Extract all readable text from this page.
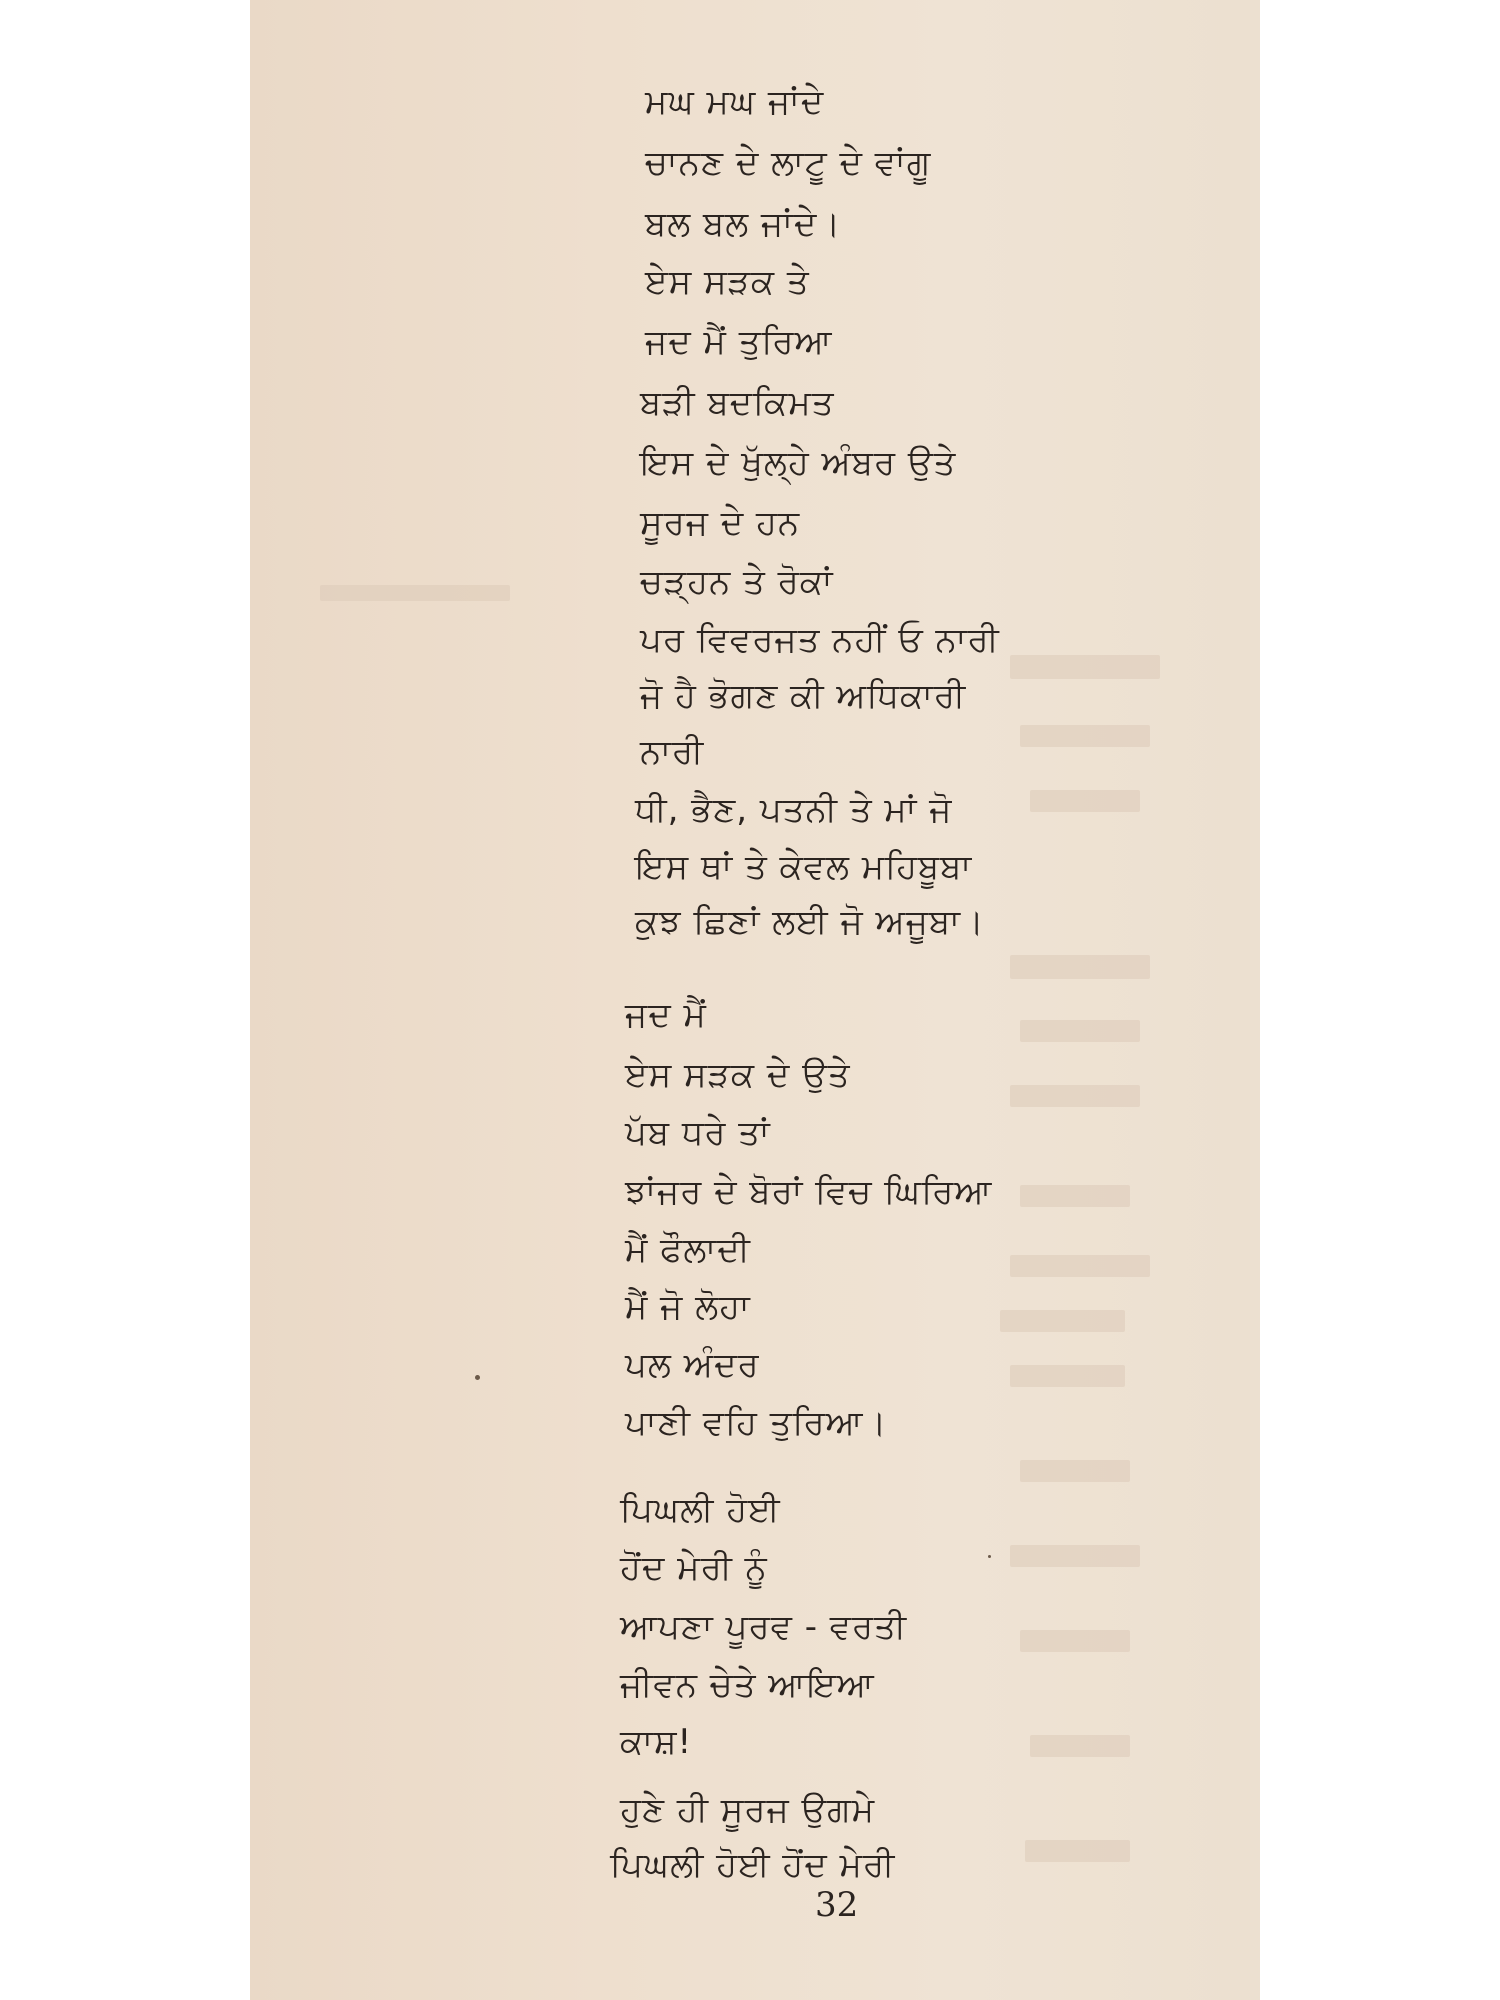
ਮਘ ਮਘ ਜਾਂਦੇ
ਚਾਨਣ ਦੇ ਲਾਟੂ ਦੇ ਵਾਂਗੂ
ਬਲ ਬਲ ਜਾਂਦੇ।
ਏਸ ਸੜਕ ਤੇ
ਜਦ ਮੈਂ ਤੁਰਿਆ
ਬੜੀ ਬਦਕਿਮਤ
ਇਸ ਦੇ ਖੁੱਲ੍ਹੇ ਅੰਬਰ ਉਤੇ
ਸੂਰਜ ਦੇ ਹਨ
ਚੜ੍ਹਨ ਤੇ ਰੋਕਾਂ
ਪਰ ਵਿਵਰਜਤ ਨਹੀਂ ਓ ਨਾਰੀ
ਜੋ ਹੈ ਭੋਗਣ ਕੀ ਅਧਿਕਾਰੀ
ਨਾਰੀ
ਧੀ, ਭੈਣ, ਪਤਨੀ ਤੇ ਮਾਂ ਜੋ
ਇਸ ਥਾਂ ਤੇ ਕੇਵਲ ਮਹਿਬੂਬਾ
ਕੁਝ ਛਿਣਾਂ ਲਈ ਜੋ ਅਜੂਬਾ।
ਜਦ ਮੈਂ
ਏਸ ਸੜਕ ਦੇ ਉਤੇ
ਪੱਬ ਧਰੇ ਤਾਂ
ਝਾਂਜਰ ਦੇ ਬੋਰਾਂ ਵਿਚ ਘਿਰਿਆ
ਮੈਂ ਫੌਲਾਦੀ
ਮੈਂ ਜੋ ਲੋਹਾ
ਪਲ ਅੰਦਰ
ਪਾਣੀ ਵਹਿ ਤੁਰਿਆ।
ਪਿਘਲੀ ਹੋਈ
ਹੋਂਦ ਮੇਰੀ ਨੂੰ
ਆਪਣਾ ਪੂਰਵ - ਵਰਤੀ
ਜੀਵਨ ਚੇਤੇ ਆਇਆ
ਕਾਸ਼!
ਹੁਣੇ ਹੀ ਸੂਰਜ ਉਗਮੇ
ਪਿਘਲੀ ਹੋਈ ਹੋਂਦ ਮੇਰੀ
32
